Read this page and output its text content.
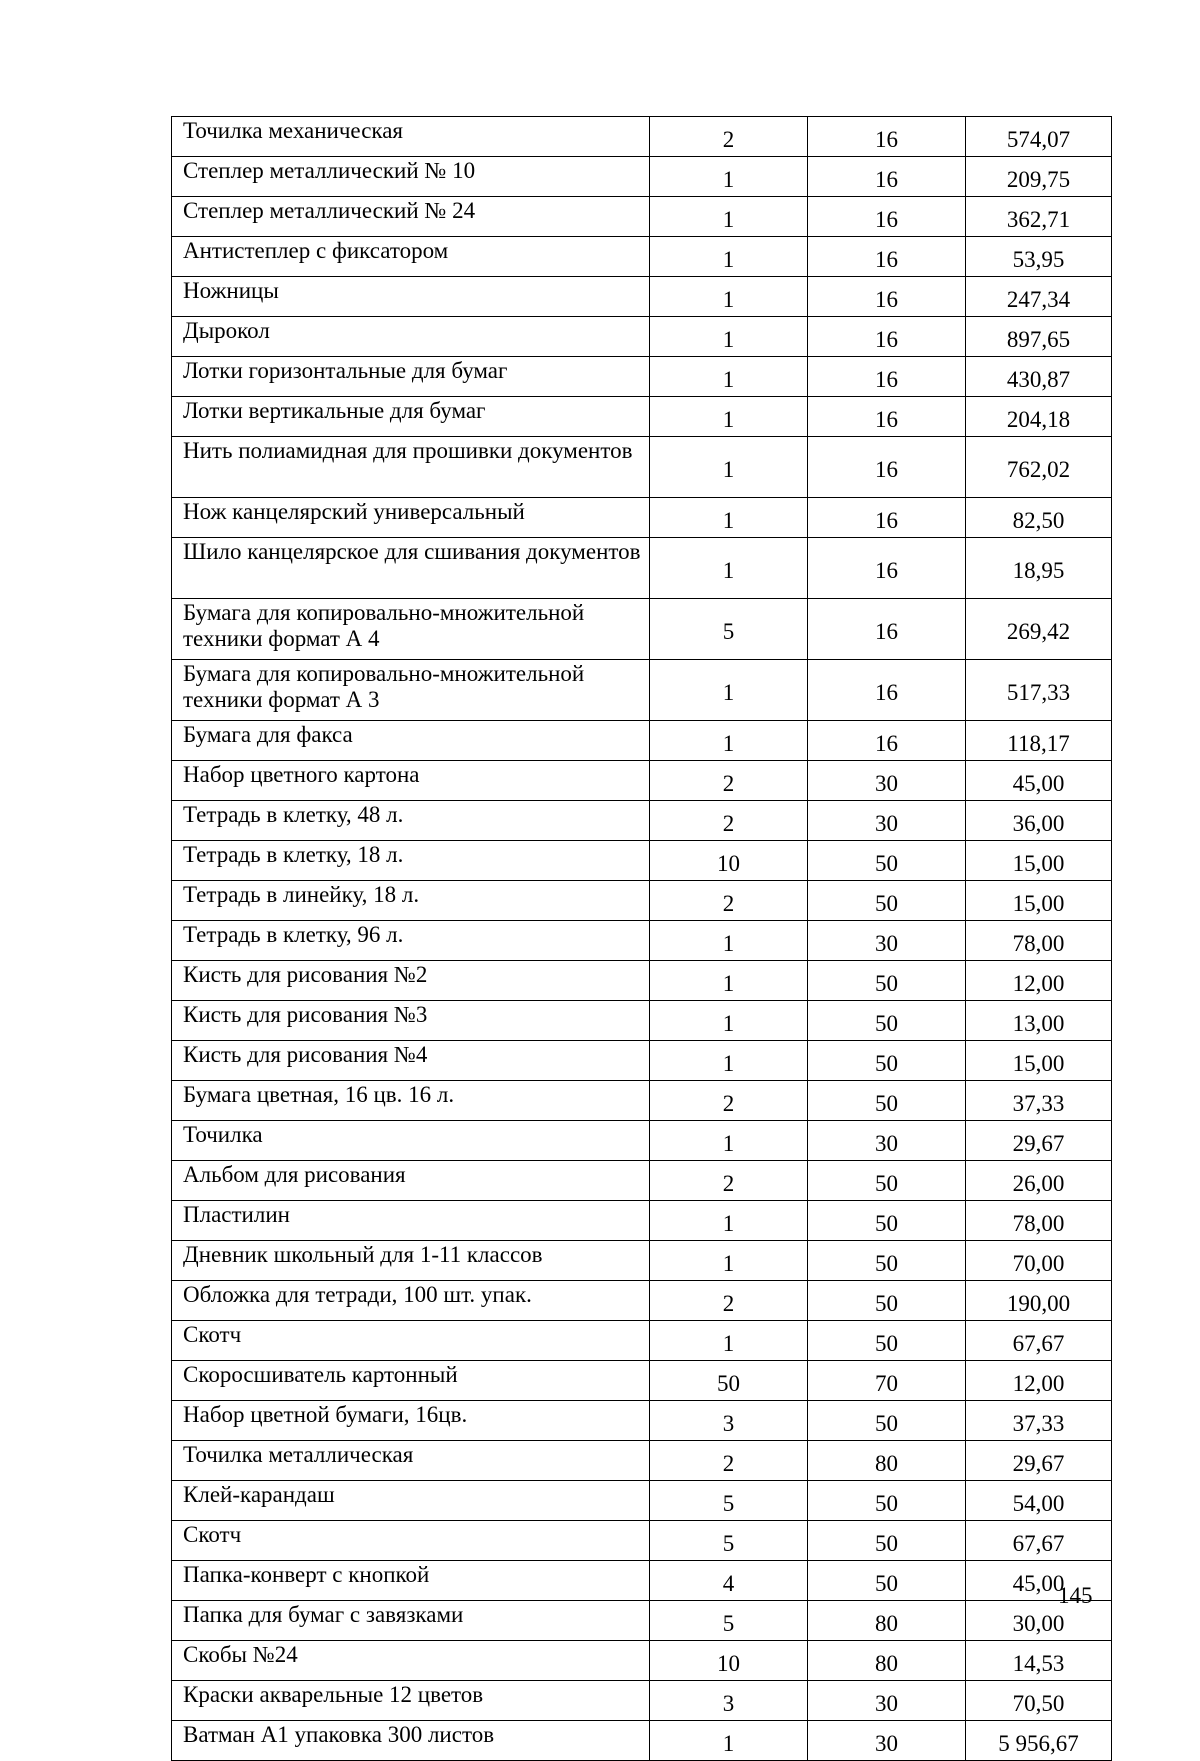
Точилка механическая	2	16	574,07
Степлер металлический № 10	1	16	209,75
Степлер металлический № 24	1	16	362,71
Антистеплер с фиксатором	1	16	53,95
Ножницы	1	16	247,34
Дырокол	1	16	897,65
Лотки горизонтальные для бумаг	1	16	430,87
Лотки вертикальные для бумаг	1	16	204,18
Нить полиамидная для прошивки документов	1	16	762,02
Нож канцелярский универсальный	1	16	82,50
Шило канцелярское для сшивания документов	1	16	18,95
Бумага для копировально-множительной техники формат А 4	5	16	269,42
Бумага для копировально-множительной техники формат А 3	1	16	517,33
Бумага для факса	1	16	118,17
Набор цветного картона	2	30	45,00
Тетрадь в клетку, 48 л.	2	30	36,00
Тетрадь в клетку, 18 л.	10	50	15,00
Тетрадь в линейку, 18 л.	2	50	15,00
Тетрадь в клетку, 96 л.	1	30	78,00
Кисть для рисования №2	1	50	12,00
Кисть для рисования №3	1	50	13,00
Кисть для рисования №4	1	50	15,00
Бумага цветная, 16 цв. 16 л.	2	50	37,33
Точилка	1	30	29,67
Альбом для рисования	2	50	26,00
Пластилин	1	50	78,00
Дневник школьный для 1-11 классов	1	50	70,00
Обложка для тетради, 100 шт. упак.	2	50	190,00
Скотч	1	50	67,67
Скоросшиватель картонный	50	70	12,00
Набор цветной бумаги, 16цв.	3	50	37,33
Точилка металлическая	2	80	29,67
Клей-карандаш	5	50	54,00
Скотч	5	50	67,67
Папка-конверт с кнопкой	4	50	45,00
Папка для бумаг с завязками	5	80	30,00
Скобы №24	10	80	14,53
Краски акварельные 12 цветов	3	30	70,50
Ватман А1 упаковка 300 листов	1	30	5 956,67
145
